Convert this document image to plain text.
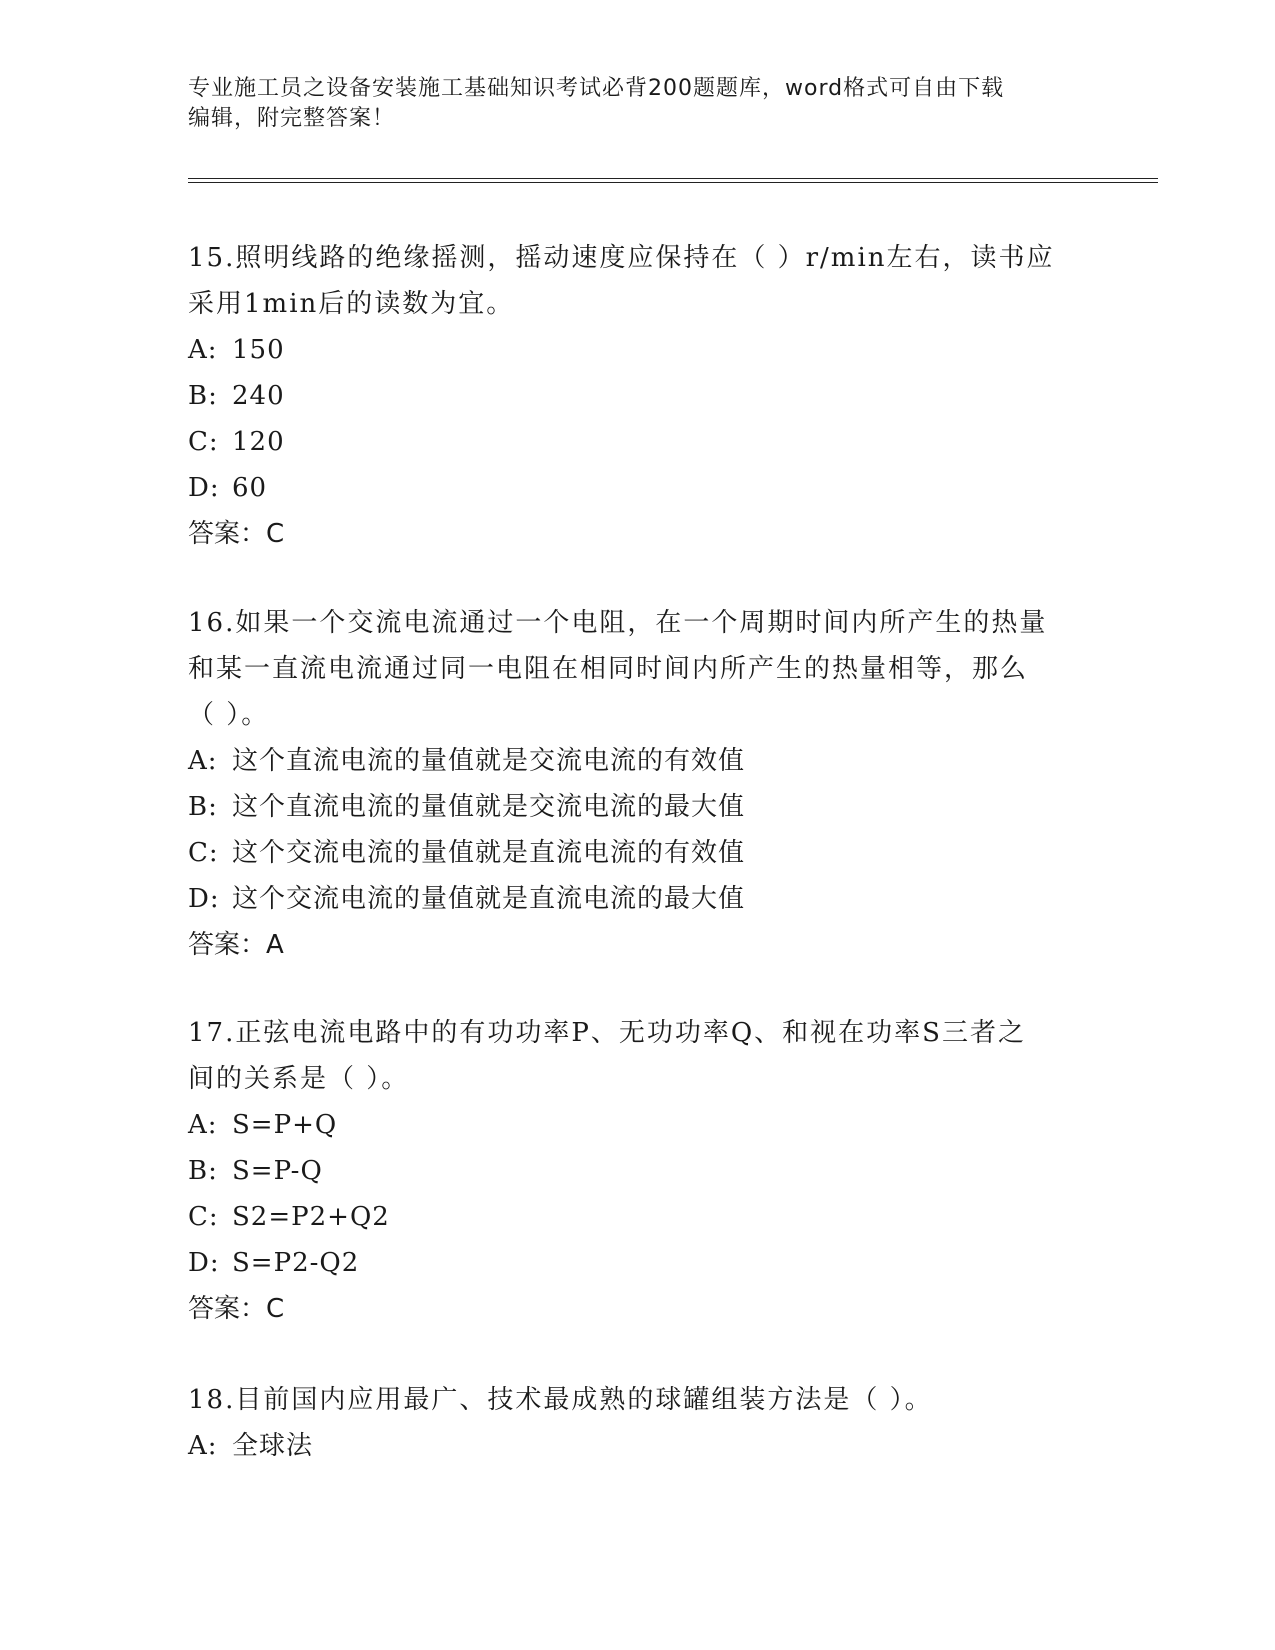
专业施工员之设备安装施工基础知识考试必背200题题库，word格式可自由下载
编辑，附完整答案！

15.照明线路的绝缘摇测，摇动速度应保持在（ ）r/min左右，读书应

采用1min后的读数为宜。

A: 150

B: 240

C: 120

D: 60

答案：C

16.如果一个交流电流通过一个电阻，在一个周期时间内所产生的热量

和某一直流电流通过同一电阻在相同时间内所产生的热量相等，那么

（ ）。

A: 这个直流电流的量值就是交流电流的有效值

B: 这个直流电流的量值就是交流电流的最大值

C: 这个交流电流的量值就是直流电流的有效值

D: 这个交流电流的量值就是直流电流的最大值

答案：A

17.正弦电流电路中的有功功率P、无功功率Q、和视在功率S三者之

间的关系是（ ）。

A: S=P+Q

B: S=P-Q

C: S2=P2+Q2

D: S=P2-Q2

答案：C

18.目前国内应用最广、技术最成熟的球罐组装方法是（ ）。

A: 全球法
